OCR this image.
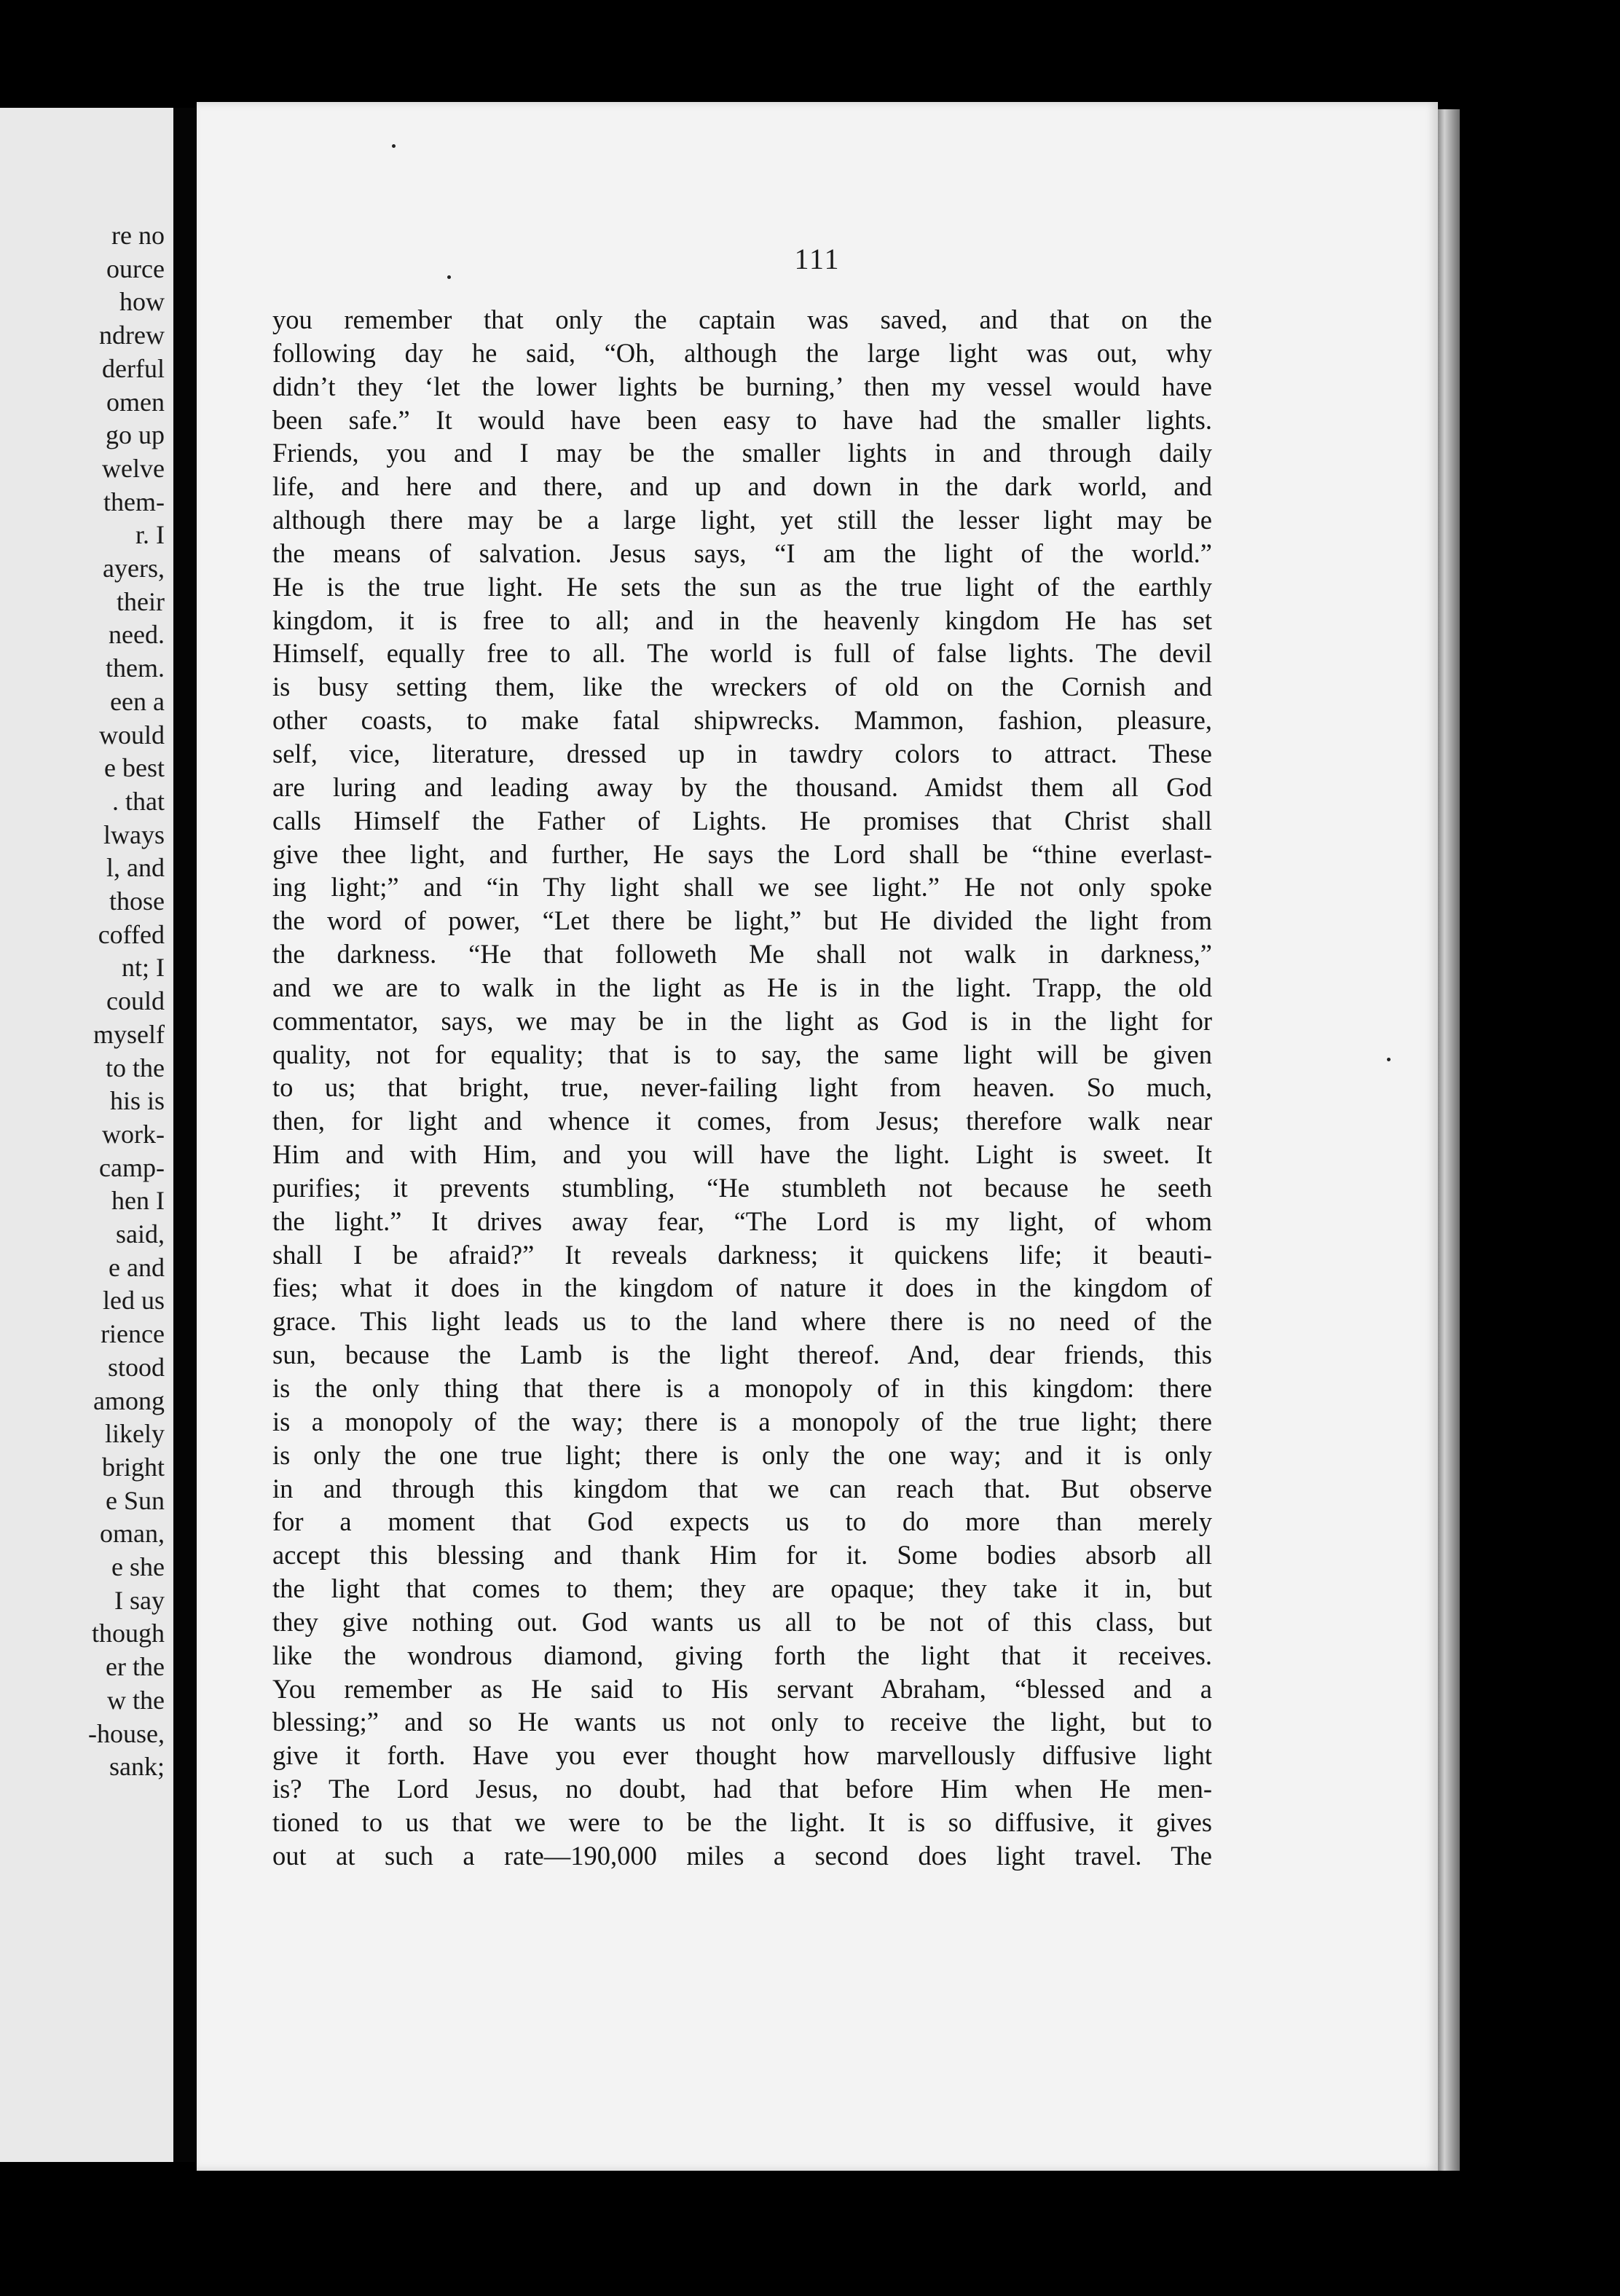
re no
ource
how
ndrew
derful
omen
go up
welve
them-
r. I
ayers,
their
need.
them.
een a
would
e best
. that
lways
l, and
those
coffed
nt; I
could
myself
to the
his is
work-
camp-
hen I
said,
e and
led us
rience
stood
among
likely
bright
e Sun
oman,
e she
I say
though
er the
w the
-house,
sank;
111
you remember that only the captain was saved, and that on the
following day he said, “Oh, although the large light was out, why
didn’t they ‘let the lower lights be burning,’ then my vessel would have
been safe.” It would have been easy to have had the smaller lights.
Friends, you and I may be the smaller lights in and through daily
life, and here and there, and up and down in the dark world, and
although there may be a large light, yet still the lesser light may be
the means of salvation. Jesus says, “I am the light of the world.”
He is the true light. He sets the sun as the true light of the earthly
kingdom, it is free to all; and in the heavenly kingdom He has set
Himself, equally free to all. The world is full of false lights. The devil
is busy setting them, like the wreckers of old on the Cornish and
other coasts, to make fatal shipwrecks. Mammon, fashion, pleasure,
self, vice, literature, dressed up in tawdry colors to attract. These
are luring and leading away by the thousand. Amidst them all God
calls Himself the Father of Lights. He promises that Christ shall
give thee light, and further, He says the Lord shall be “thine everlast-
ing light;” and “in Thy light shall we see light.” He not only spoke
the word of power, “Let there be light,” but He divided the light from
the darkness. “He that followeth Me shall not walk in darkness,”
and we are to walk in the light as He is in the light. Trapp, the old
commentator, says, we may be in the light as God is in the light for
quality, not for equality; that is to say, the same light will be given
to us; that bright, true, never-failing light from heaven. So much,
then, for light and whence it comes, from Jesus; therefore walk near
Him and with Him, and you will have the light. Light is sweet. It
purifies; it prevents stumbling, “He stumbleth not because he seeth
the light.” It drives away fear, “The Lord is my light, of whom
shall I be afraid?” It reveals darkness; it quickens life; it beauti-
fies; what it does in the kingdom of nature it does in the kingdom of
grace. This light leads us to the land where there is no need of the
sun, because the Lamb is the light thereof. And, dear friends, this
is the only thing that there is a monopoly of in this kingdom: there
is a monopoly of the way; there is a monopoly of the true light; there
is only the one true light; there is only the one way; and it is only
in and through this kingdom that we can reach that. But observe
for a moment that God expects us to do more than merely
accept this blessing and thank Him for it. Some bodies absorb all
the light that comes to them; they are opaque; they take it in, but
they give nothing out. God wants us all to be not of this class, but
like the wondrous diamond, giving forth the light that it receives.
You remember as He said to His servant Abraham, “blessed and a
blessing;” and so He wants us not only to receive the light, but to
give it forth. Have you ever thought how marvellously diffusive light
is? The Lord Jesus, no doubt, had that before Him when He men-
tioned to us that we were to be the light. It is so diffusive, it gives
out at such a rate—190,000 miles a second does light travel. The
